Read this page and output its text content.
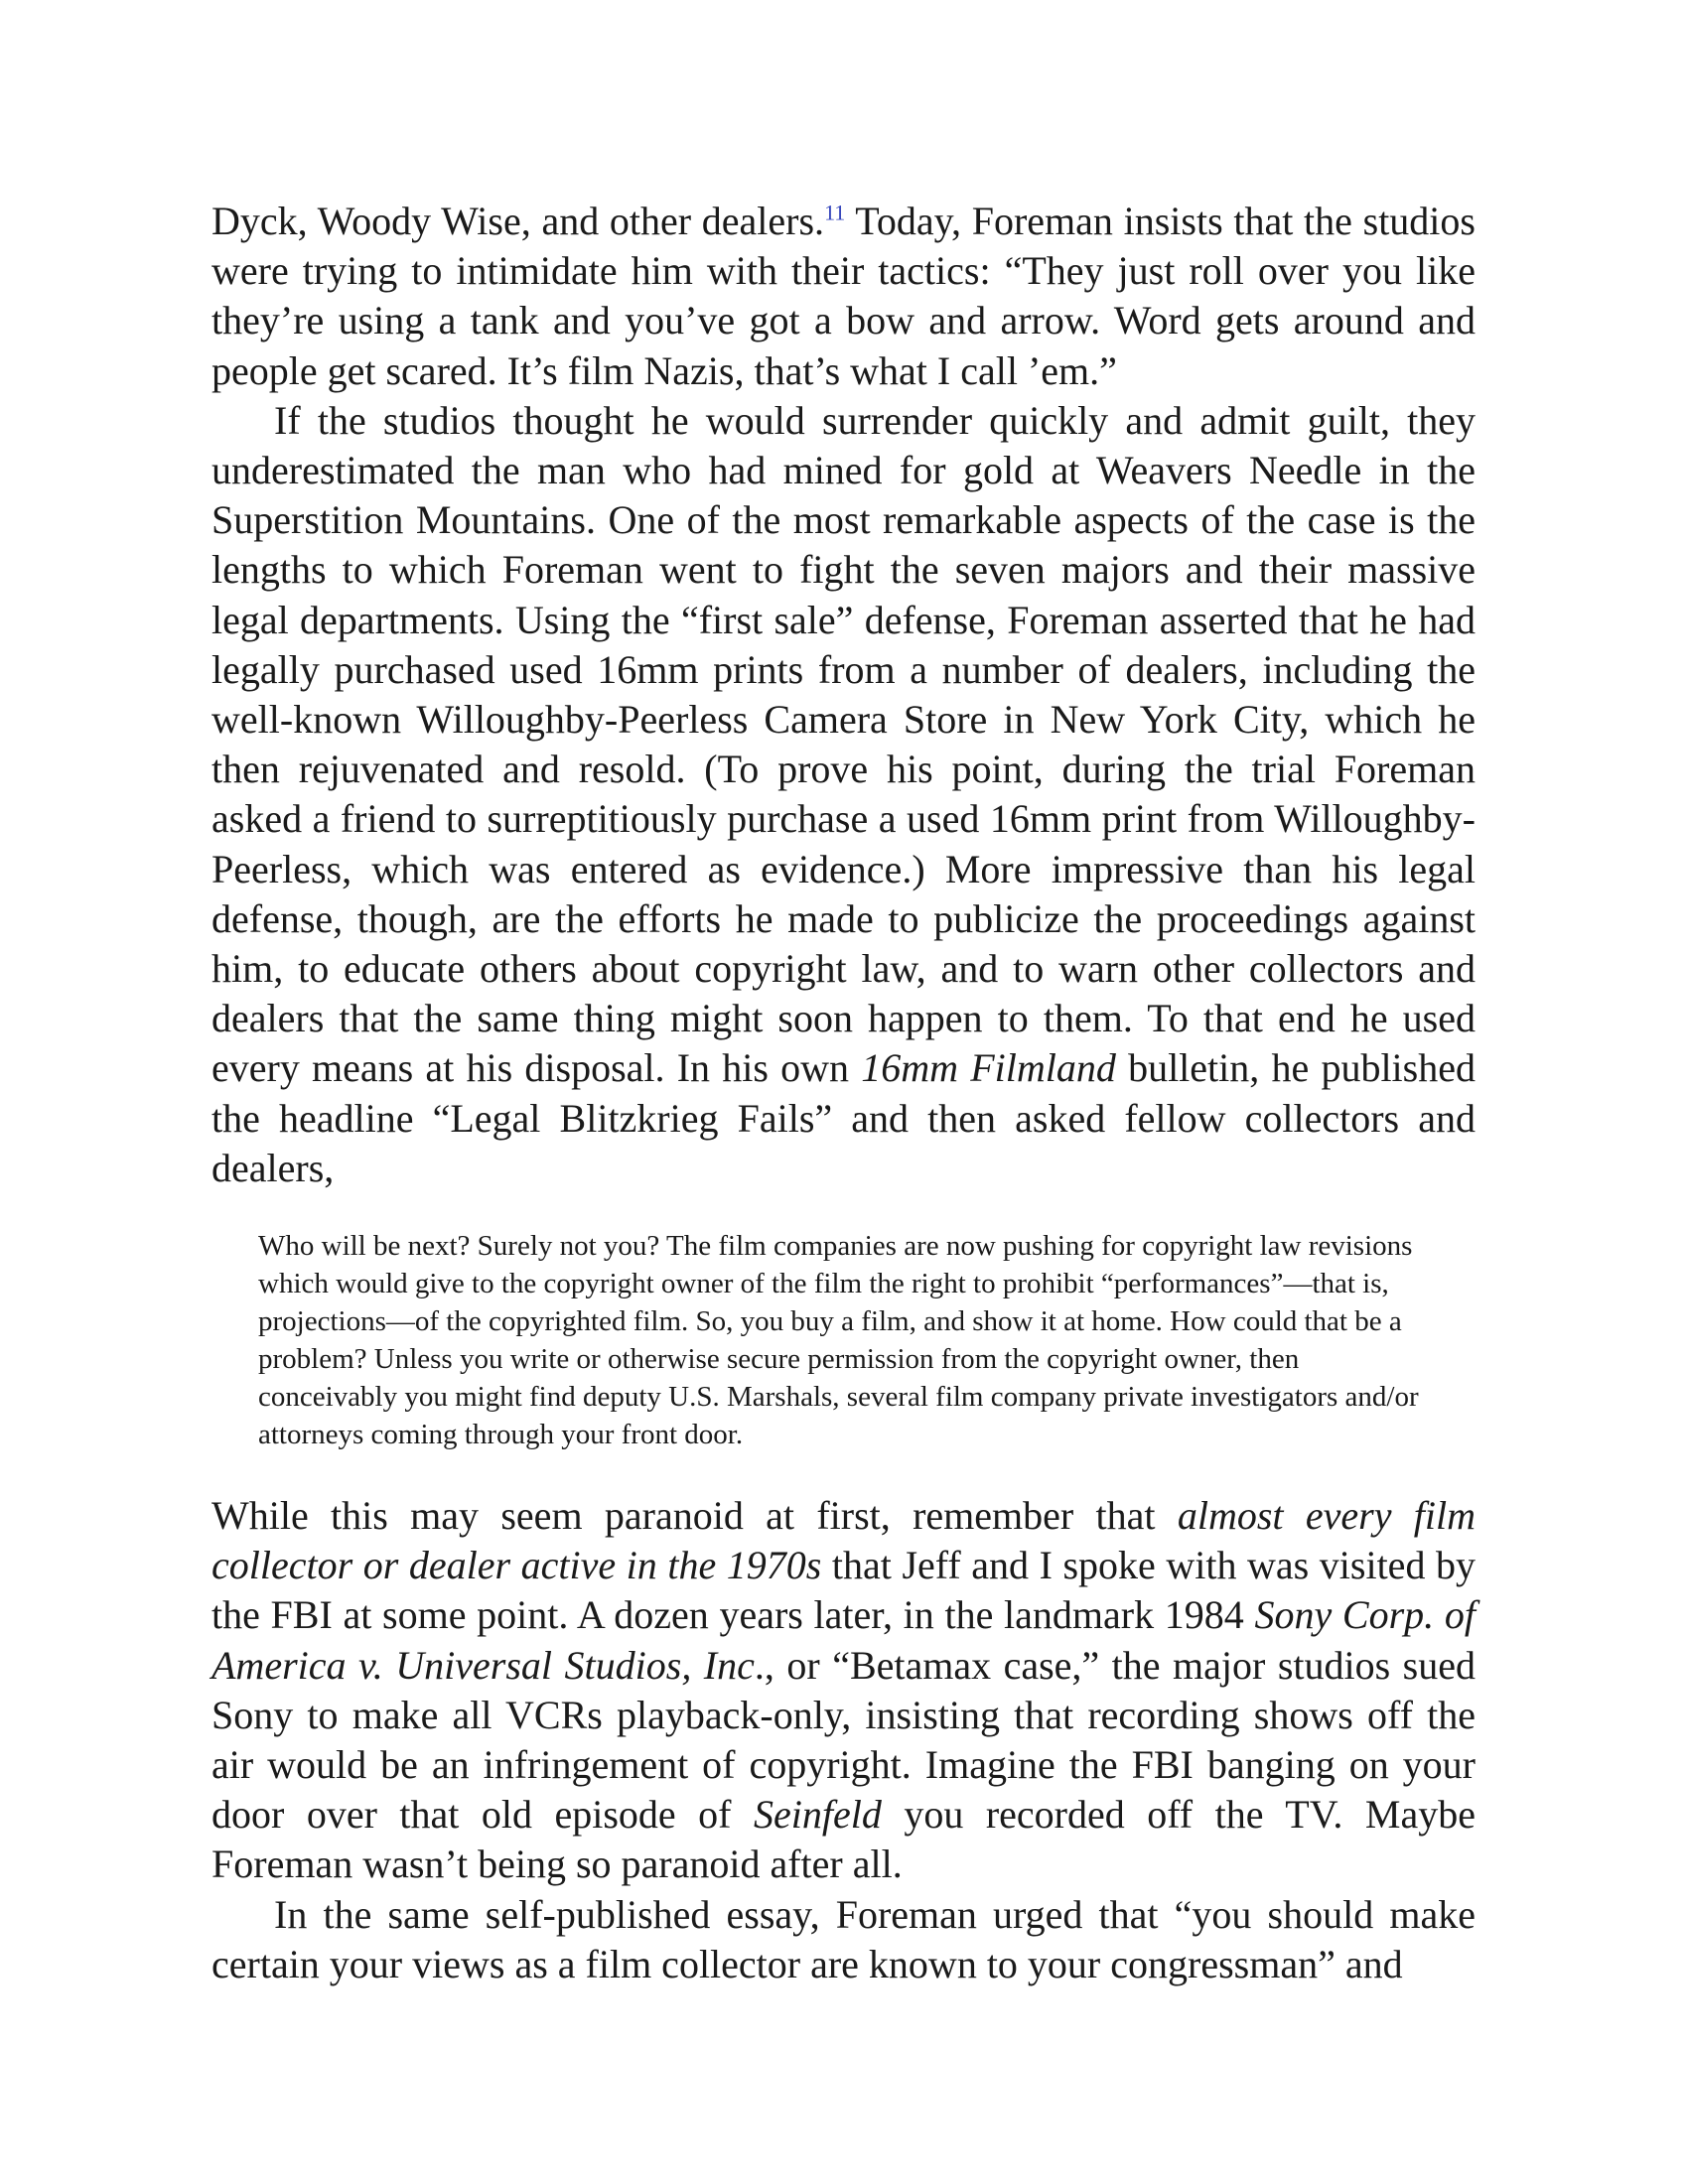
Dyck, Woody Wise, and other dealers.$^{11}$ Today, Foreman insists that the studios were trying to intimidate him with their tactics: “They just roll over you like they’re using a tank and you’ve got a bow and arrow. Word gets around and people get scared. It’s film Nazis, that’s what I call ’em.”

If the studios thought he would surrender quickly and admit guilt, they underestimated the man who had mined for gold at Weavers Needle in the Superstition Mountains. One of the most remarkable aspects of the case is the lengths to which Foreman went to fight the seven majors and their massive legal departments. Using the “first sale” defense, Foreman asserted that he had legally purchased used 16mm prints from a number of dealers, including the well-known Willoughby-Peerless Camera Store in New York City, which he then rejuvenated and resold. (To prove his point, during the trial Foreman asked a friend to surreptitiously purchase a used 16mm print from Willoughby-Peerless, which was entered as evidence.) More impressive than his legal defense, though, are the efforts he made to publicize the proceedings against him, to educate others about copyright law, and to warn other collectors and dealers that the same thing might soon happen to them. To that end he used every means at his disposal. In his own 16mm Filmland bulletin, he published the headline “Legal Blitzkrieg Fails” and then asked fellow collectors and dealers,

Who will be next? Surely not you? The film companies are now pushing for copyright law revisions which would give to the copyright owner of the film the right to prohibit “performances”—that is, projections—of the copyrighted film. So, you buy a film, and show it at home. How could that be a problem? Unless you write or otherwise secure permission from the copyright owner, then conceivably you might find deputy U.S. Marshals, several film company private investigators and/or attorneys coming through your front door.

While this may seem paranoid at first, remember that almost every film collector or dealer active in the 1970s that Jeff and I spoke with was visited by the FBI at some point. A dozen years later, in the landmark 1984 Sony Corp. of America v. Universal Studios, Inc., or “Betamax case,” the major studios sued Sony to make all VCRs playback-only, insisting that recording shows off the air would be an infringement of copyright. Imagine the FBI banging on your door over that old episode of Seinfeld you recorded off the TV. Maybe Foreman wasn’t being so paranoid after all.

In the same self-published essay, Foreman urged that “you should make certain your views as a film collector are known to your congressman” and
